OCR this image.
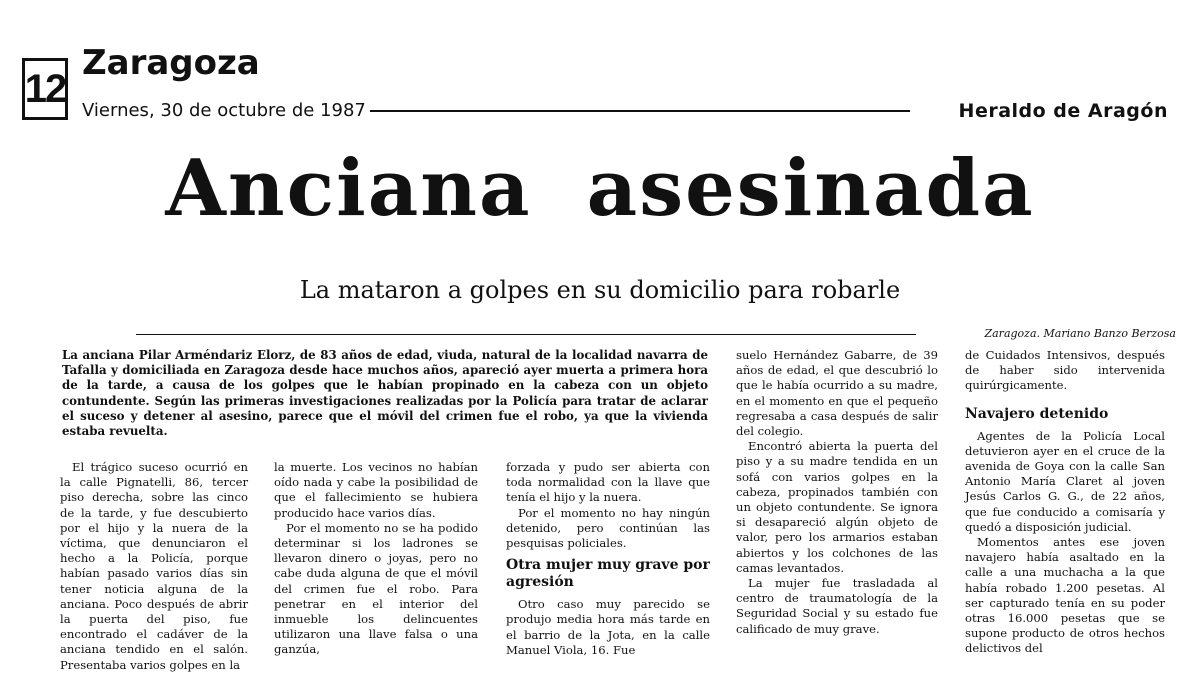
12
Zaragoza
Viernes, 30 de octubre de 1987	Heraldo de Aragón
Anciana asesinada
La mataron a golpes en su domicilio para robarle
Zaragoza. Mariano Banzo Berzosa

La anciana Pilar Arméndariz Elorz, de 83 años de edad, viuda, natural de la localidad navarra de Tafalla y domiciliada en Zaragoza desde hace muchos años, apareció ayer muerta a primera hora de la tarde, a causa de los golpes que le habían propinado en la cabeza con un objeto contundente. Según las primeras investigaciones realizadas por la Policía para tratar de aclarar el suceso y detener al asesino, parece que el móvil del crimen fue el robo, ya que la vivienda estaba revuelta.

El trágico suceso ocurrió en la calle Pignatelli, 86, tercer piso derecha, sobre las cinco de la tarde, y fue descubierto por el hijo y la nuera de la víctima, que denunciaron el hecho a la Policía, porque habían pasado varios días sin tener noticia alguna de la anciana. Poco después de abrir la puerta del piso, fue encontrado el cadáver de la anciana tendido en el salón. Presentaba varios golpes en la

la muerte. Los vecinos no habían oído nada y cabe la posibilidad de que el fallecimiento se hubiera producido hace varios días.

Por el momento no se ha podido determinar si los ladrones se llevaron dinero o joyas, pero no cabe duda alguna de que el móvil del crimen fue el robo. Para penetrar en el interior del inmueble los delincuentes utilizaron una llave falsa o una ganzúa,

forzada y pudo ser abierta con toda normalidad con la llave que tenía el hijo y la nuera.

Por el momento no hay ningún detenido, pero continúan las pesquisas policiales.

Otra mujer muy grave por agresión

Otro caso muy parecido se produjo media hora más tarde en el barrio de la Jota, en la calle Manuel Viola, 16. Fue

suelo Hernández Gabarre, de 39 años de edad, el que descubrió lo que le había ocurrido a su madre, en el momento en que el pequeño regresaba a casa después de salir del colegio.

Encontró abierta la puerta del piso y a su madre tendida en un sofá con varios golpes en la cabeza, propinados también con un objeto contundente. Se ignora si desapareció algún objeto de valor, pero los armarios estaban abiertos y los colchones de las camas levantados.

La mujer fue trasladada al centro de traumatología de la Seguridad Social y su estado fue calificado de muy grave.

de Cuidados Intensivos, después de haber sido intervenida quirúrgicamente.

Navajero detenido

Agentes de la Policía Local detuvieron ayer en el cruce de la avenida de Goya con la calle San Antonio María Claret al joven Jesús Carlos G. G., de 22 años, que fue conducido a comisaría y quedó a disposición judicial.

Momentos antes ese joven navajero había asaltado en la calle a una muchacha a la que había robado 1.200 pesetas. Al ser capturado tenía en su poder otras 16.000 pesetas que se supone producto de otros hechos delictivos del
